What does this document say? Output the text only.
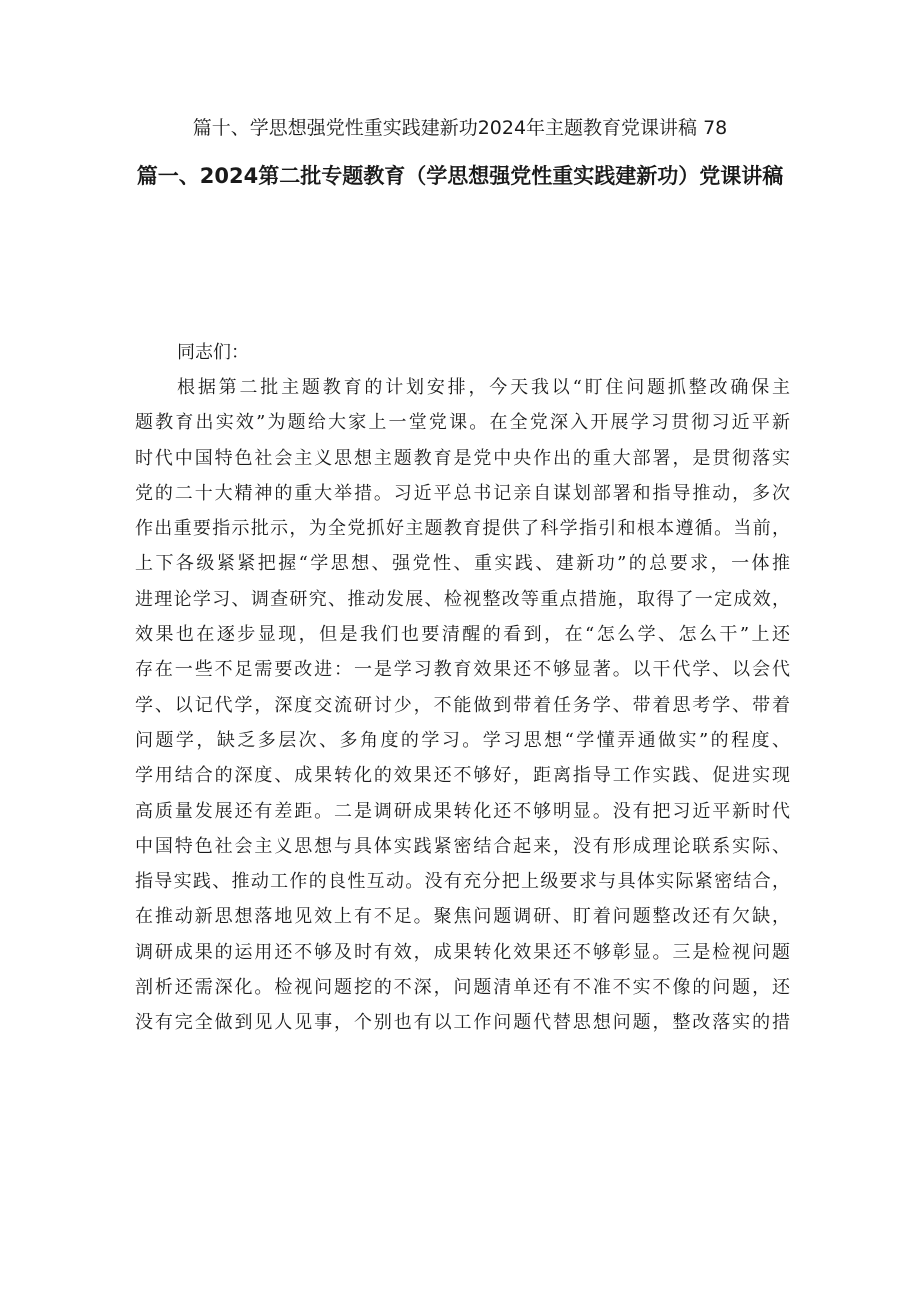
篇十、学思想强党性重实践建新功2024年主题教育党课讲稿 78
篇一、2024第二批专题教育（学思想强党性重实践建新功）党课讲稿
同志们：
根据第二批主题教育的计划安排，今天我以“盯住问题抓整改确保主
题教育出实效”为题给大家上一堂党课。在全党深入开展学习贯彻习近平新
时代中国特色社会主义思想主题教育是党中央作出的重大部署，是贯彻落实
党的二十大精神的重大举措。习近平总书记亲自谋划部署和指导推动，多次
作出重要指示批示，为全党抓好主题教育提供了科学指引和根本遵循。当前，
上下各级紧紧把握“学思想、强党性、重实践、建新功”的总要求，一体推
进理论学习、调查研究、推动发展、检视整改等重点措施，取得了一定成效，
效果也在逐步显现，但是我们也要清醒的看到，在“怎么学、怎么干”上还
存在一些不足需要改进：一是学习教育效果还不够显著。以干代学、以会代
学、以记代学，深度交流研讨少，不能做到带着任务学、带着思考学、带着
问题学，缺乏多层次、多角度的学习。学习思想“学懂弄通做实”的程度、
学用结合的深度、成果转化的效果还不够好，距离指导工作实践、促进实现
高质量发展还有差距。二是调研成果转化还不够明显。没有把习近平新时代
中国特色社会主义思想与具体实践紧密结合起来，没有形成理论联系实际、
指导实践、推动工作的良性互动。没有充分把上级要求与具体实际紧密结合，
在推动新思想落地见效上有不足。聚焦问题调研、盯着问题整改还有欠缺，
调研成果的运用还不够及时有效，成果转化效果还不够彰显。三是检视问题
剖析还需深化。检视问题挖的不深，问题清单还有不准不实不像的问题，还
没有完全做到见人见事，个别也有以工作问题代替思想问题，整改落实的措
